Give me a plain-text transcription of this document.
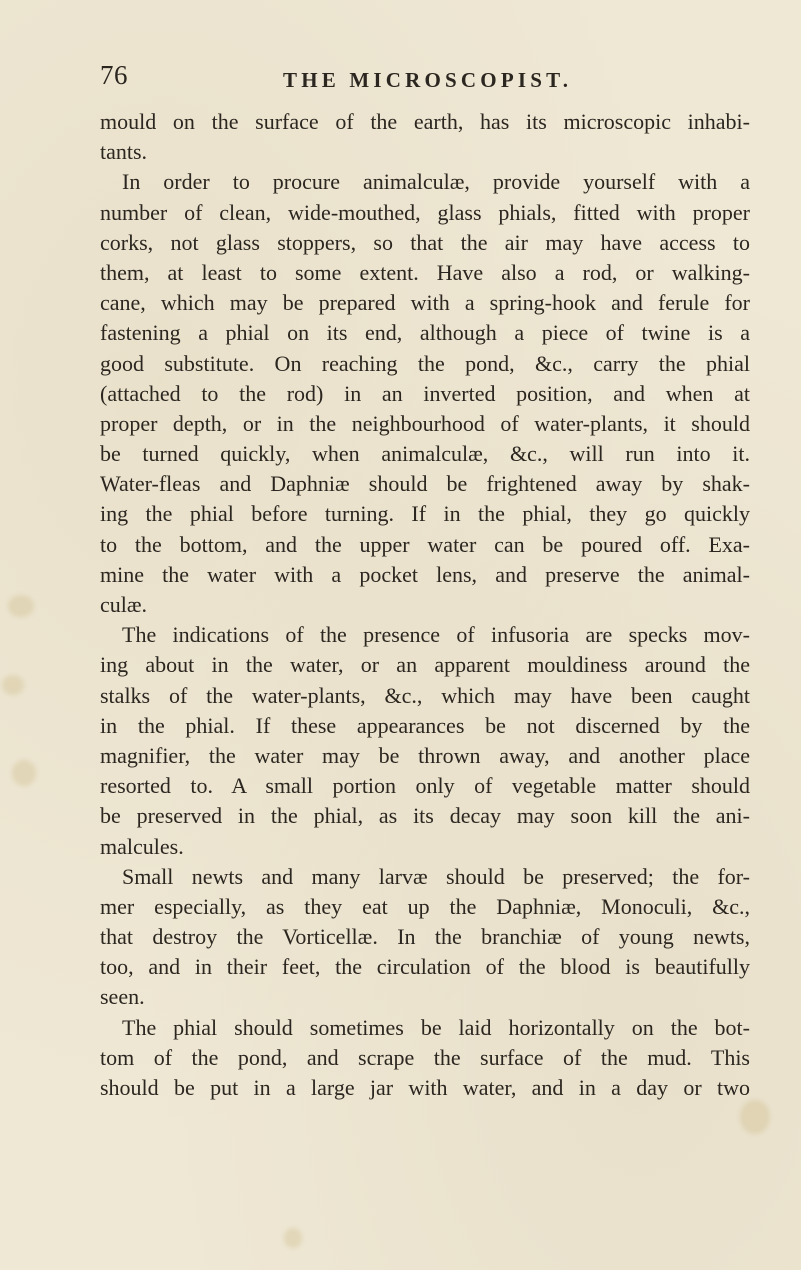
76	THE MICROSCOPIST.
mould on the surface of the earth, has its microscopic inhabi-
tants.
In order to procure animalculæ, provide yourself with a
number of clean, wide-mouthed, glass phials, fitted with proper
corks, not glass stoppers, so that the air may have access to
them, at least to some extent. Have also a rod, or walking-
cane, which may be prepared with a spring-hook and ferule for
fastening a phial on its end, although a piece of twine is a
good substitute. On reaching the pond, &c., carry the phial
(attached to the rod) in an inverted position, and when at
proper depth, or in the neighbourhood of water-plants, it should
be turned quickly, when animalculæ, &c., will run into it.
Water-fleas and Daphniæ should be frightened away by shak-
ing the phial before turning. If in the phial, they go quickly
to the bottom, and the upper water can be poured off. Exa-
mine the water with a pocket lens, and preserve the animal-
culæ.
The indications of the presence of infusoria are specks mov-
ing about in the water, or an apparent mouldiness around the
stalks of the water-plants, &c., which may have been caught
in the phial. If these appearances be not discerned by the
magnifier, the water may be thrown away, and another place
resorted to. A small portion only of vegetable matter should
be preserved in the phial, as its decay may soon kill the ani-
malcules.
Small newts and many larvæ should be preserved; the for-
mer especially, as they eat up the Daphniæ, Monoculi, &c.,
that destroy the Vorticellæ. In the branchiæ of young newts,
too, and in their feet, the circulation of the blood is beautifully
seen.
The phial should sometimes be laid horizontally on the bot-
tom of the pond, and scrape the surface of the mud. This
should be put in a large jar with water, and in a day or two
